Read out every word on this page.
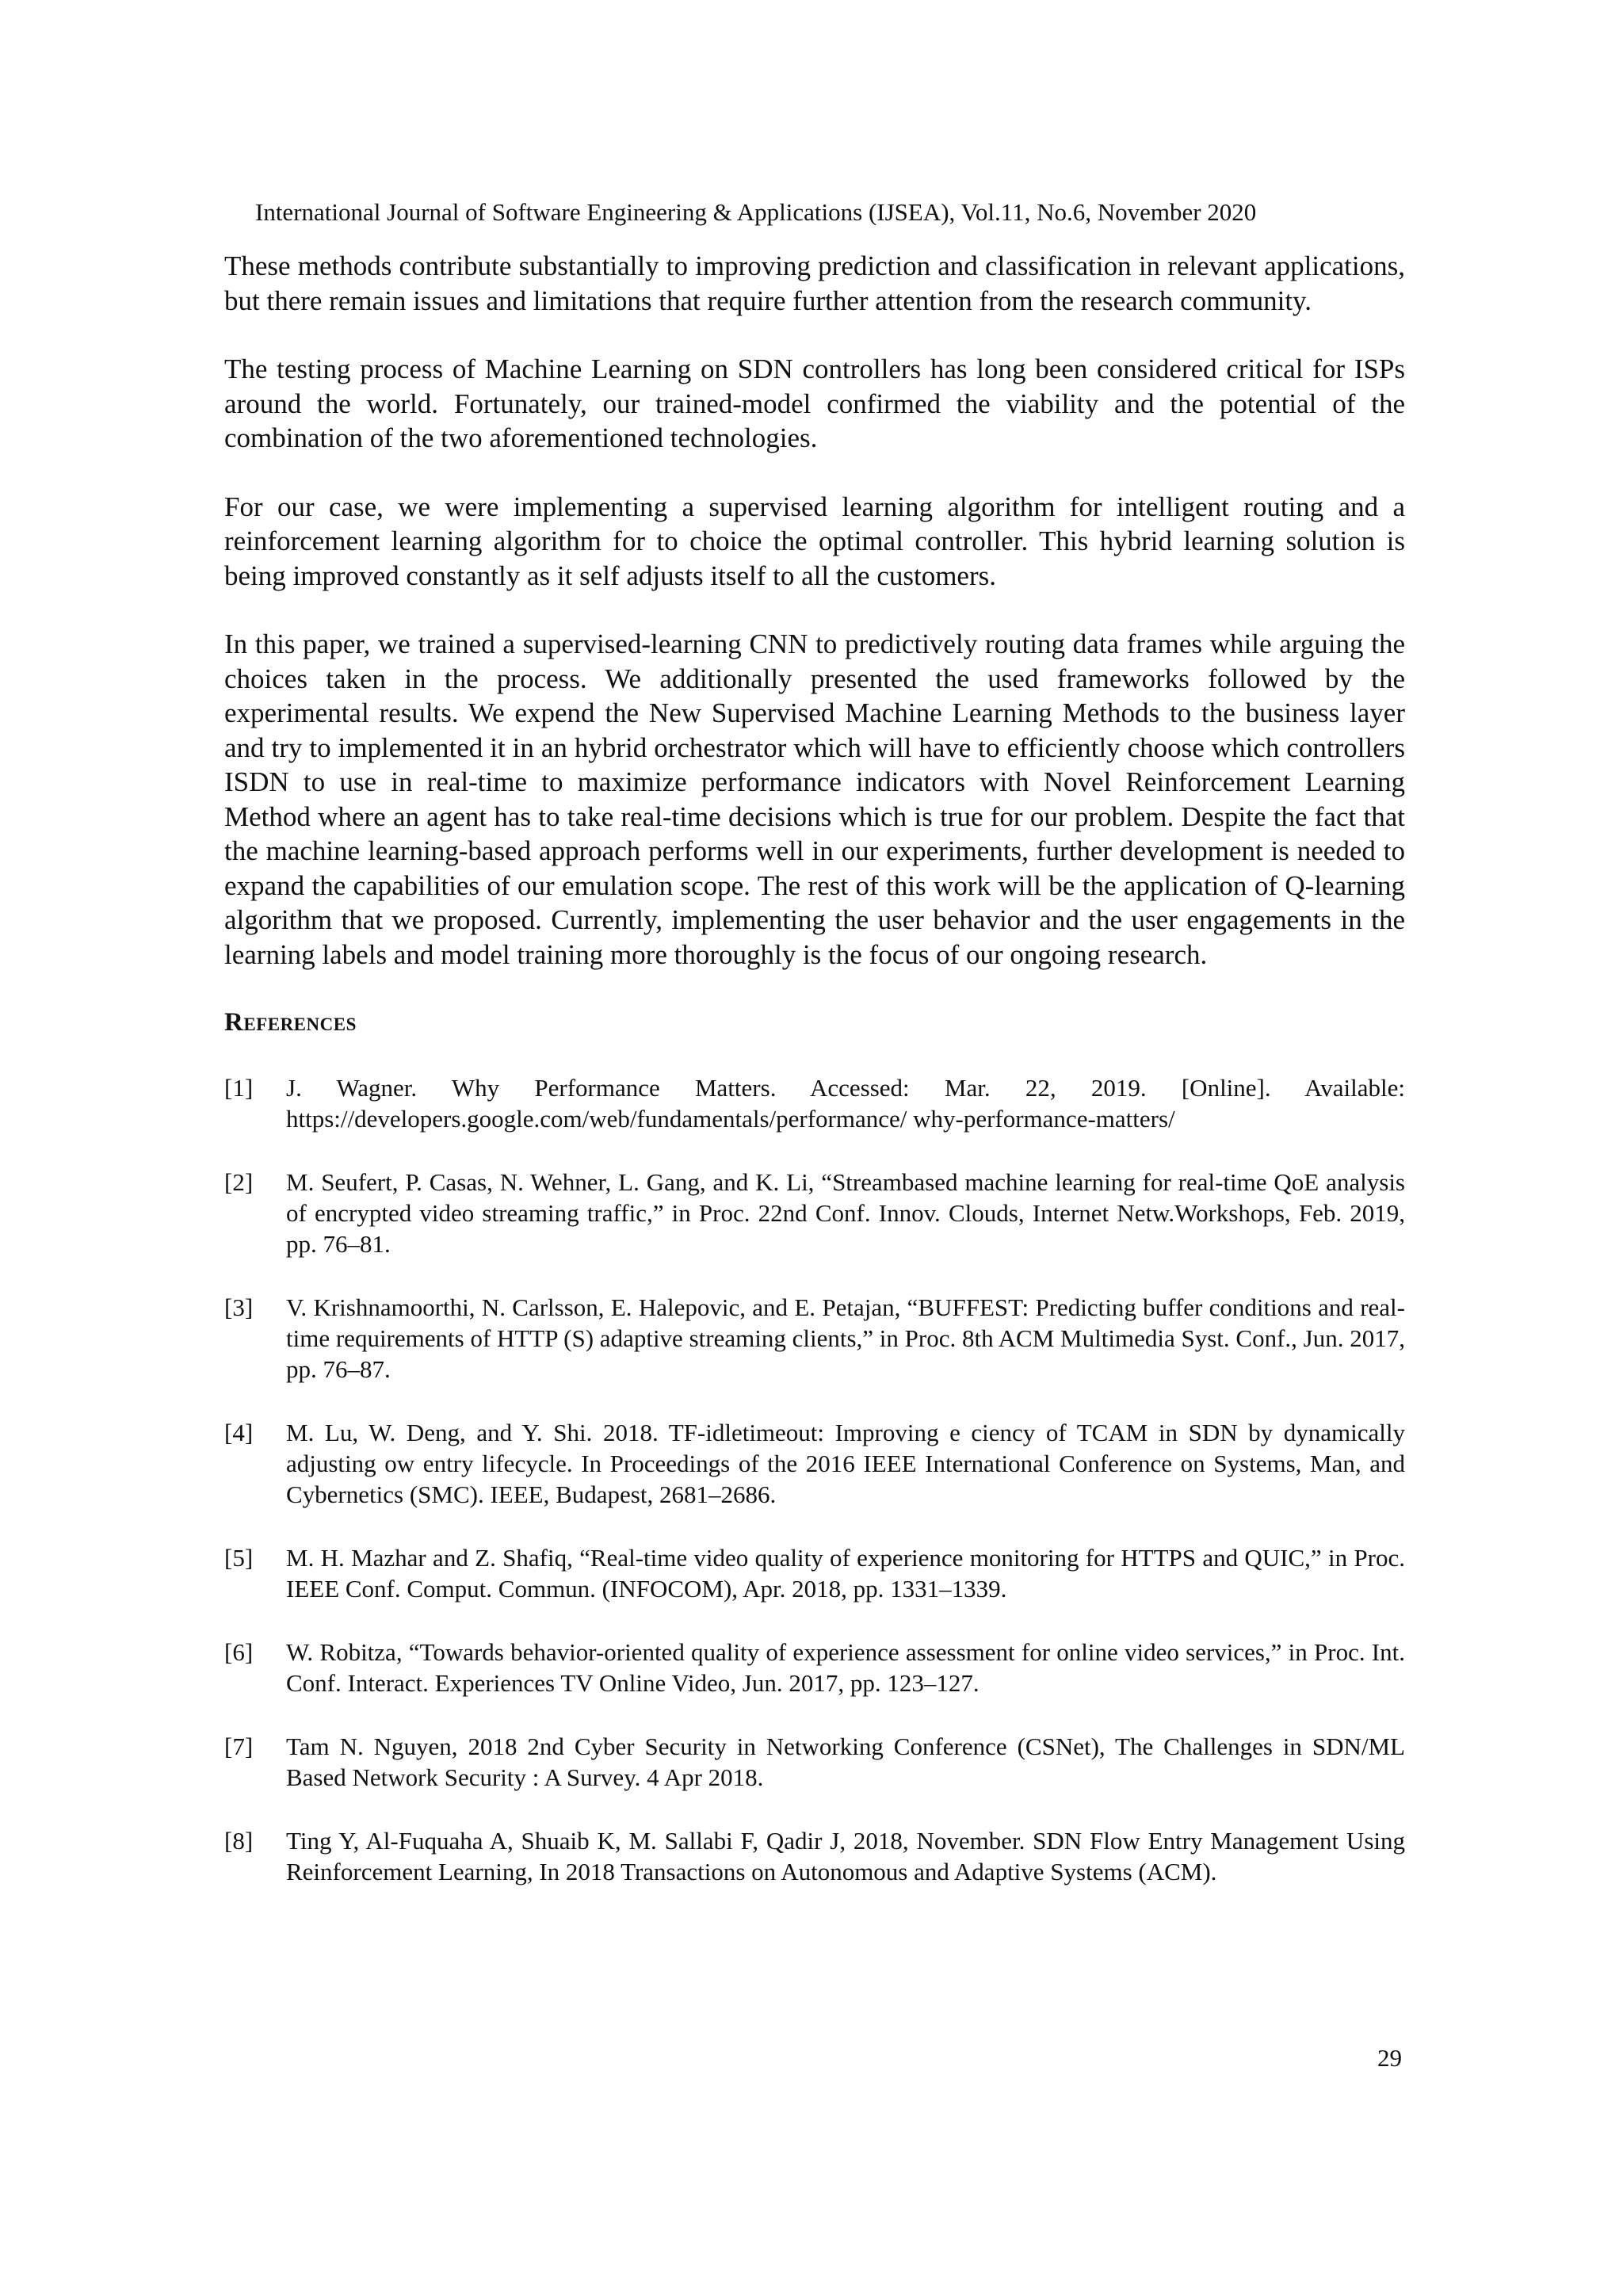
International Journal of Software Engineering & Applications (IJSEA), Vol.11, No.6, November 2020

These methods contribute substantially to improving prediction and classification in relevant applications, but there remain issues and limitations that require further attention from the research community.

The testing process of Machine Learning on SDN controllers has long been considered critical for ISPs around the world. Fortunately, our trained-model confirmed the viability and the potential of the combination of the two aforementioned technologies.

For our case, we were implementing a supervised learning algorithm for intelligent routing and a reinforcement learning algorithm for to choice the optimal controller. This hybrid learning solution is being improved constantly as it self adjusts itself to all the customers.

In this paper, we trained a supervised-learning CNN to predictively routing data frames while arguing the choices taken in the process. We additionally presented the used frameworks followed by the experimental results. We expend the New Supervised Machine Learning Methods to the business layer and try to implemented it in an hybrid orchestrator which will have to efficiently choose which controllers ISDN to use in real-time to maximize performance indicators with Novel Reinforcement Learning Method where an agent has to take real-time decisions which is true for our problem. Despite the fact that the machine learning-based approach performs well in our experiments, further development is needed to expand the capabilities of our emulation scope. The rest of this work will be the application of Q-learning algorithm that we proposed. Currently, implementing the user behavior and the user engagements in the learning labels and model training more thoroughly is the focus of our ongoing research.

References
[1]	J. Wagner. Why Performance Matters. Accessed: Mar. 22, 2019. [Online]. Available: https://developers.google.com/web/fundamentals/performance/ why-performance-matters/
[2]	M. Seufert, P. Casas, N. Wehner, L. Gang, and K. Li, “Streambased machine learning for real-time QoE analysis of encrypted video streaming traffic,” in Proc. 22nd Conf. Innov. Clouds, Internet Netw.Workshops, Feb. 2019, pp. 76–81.
[3]	V. Krishnamoorthi, N. Carlsson, E. Halepovic, and E. Petajan, “BUFFEST: Predicting buffer conditions and real-time requirements of HTTP (S) adaptive streaming clients,” in Proc. 8th ACM Multimedia Syst. Conf., Jun. 2017, pp. 76–87.
[4]	M. Lu, W. Deng, and Y. Shi. 2018. TF-idletimeout: Improving e ciency of TCAM in SDN by dynamically adjusting ow entry lifecycle. In Proceedings of the 2016 IEEE International Conference on Systems, Man, and Cybernetics (SMC). IEEE, Budapest, 2681–2686.
[5]	M. H. Mazhar and Z. Shafiq, “Real-time video quality of experience monitoring for HTTPS and QUIC,” in Proc. IEEE Conf. Comput. Commun. (INFOCOM), Apr. 2018, pp. 1331–1339.
[6]	W. Robitza, “Towards behavior-oriented quality of experience assessment for online video services,” in Proc. Int. Conf. Interact. Experiences TV Online Video, Jun. 2017, pp. 123–127.
[7]	Tam N. Nguyen, 2018 2nd Cyber Security in Networking Conference (CSNet), The Challenges in SDN/ML Based Network Security : A Survey. 4 Apr 2018.
[8]	Ting Y, Al-Fuquaha A, Shuaib K, M. Sallabi F, Qadir J, 2018, November. SDN Flow Entry Management Using Reinforcement Learning, In 2018 Transactions on Autonomous and Adaptive Systems (ACM).
29
